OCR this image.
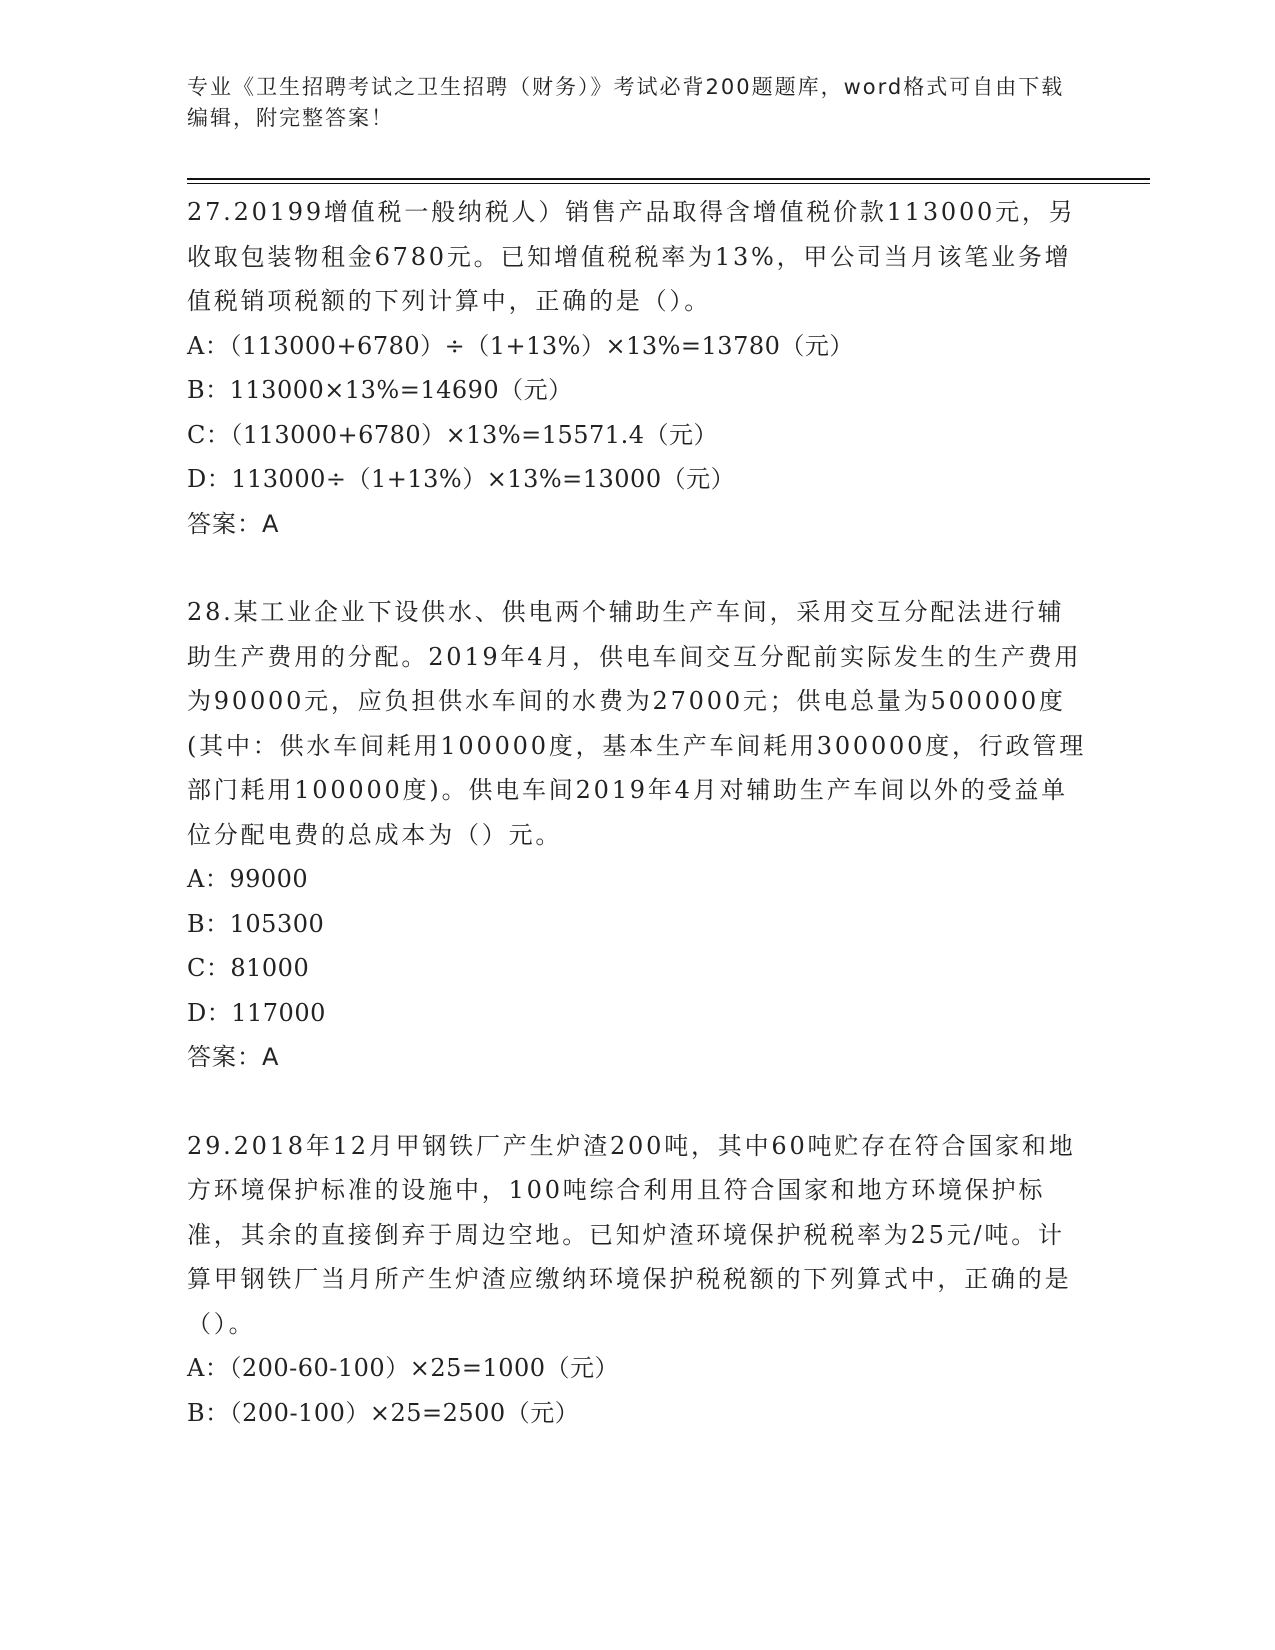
专业《卫生招聘考试之卫生招聘（财务）》考试必背200题题库，word格式可自由下载编辑，附完整答案！

27.20199增值税一般纳税人）销售产品取得含增值税价款113000元，另收取包装物租金6780元。已知增值税税率为13%，甲公司当月该笔业务增值税销项税额的下列计算中，正确的是（）。

A：（113000+6780）÷（1+13%）×13%=13780（元）

B：113000×13%=14690（元）

C：（113000+6780）×13%=15571.4（元）

D：113000÷（1+13%）×13%=13000（元）

答案：A

28.某工业企业下设供水、供电两个辅助生产车间，采用交互分配法进行辅助生产费用的分配。2019年4月，供电车间交互分配前实际发生的生产费用为90000元，应负担供水车间的水费为27000元；供电总量为500000度(其中：供水车间耗用100000度，基本生产车间耗用300000度，行政管理部门耗用100000度)。供电车间2019年4月对辅助生产车间以外的受益单位分配电费的总成本为（）元。

A：99000

B：105300

C：81000

D：117000

答案：A

29.2018年12月甲钢铁厂产生炉渣200吨，其中60吨贮存在符合国家和地方环境保护标准的设施中，100吨综合利用且符合国家和地方环境保护标准，其余的直接倒弃于周边空地。已知炉渣环境保护税税率为25元/吨。计算甲钢铁厂当月所产生炉渣应缴纳环境保护税税额的下列算式中，正确的是（）。

A：（200-60-100）×25=1000（元）

B：（200-100）×25=2500（元）
